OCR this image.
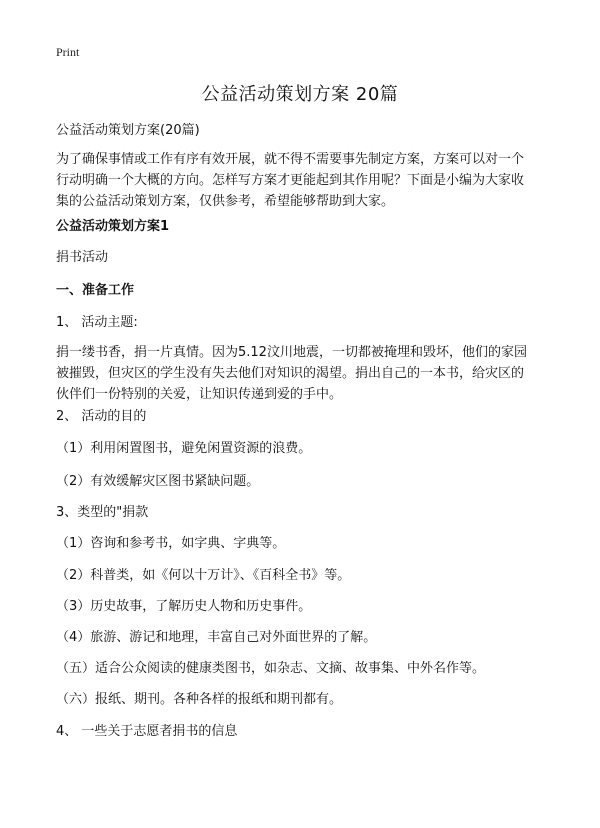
Print
公益活动策划方案 20篇
公益活动策划方案(20篇)
为了确保事情或工作有序有效开展，就不得不需要事先制定方案，方案可以对一个
行动明确一个大概的方向。怎样写方案才更能起到其作用呢？下面是小编为大家收
集的公益活动策划方案，仅供参考，希望能够帮助到大家。
公益活动策划方案1
捐书活动
一、准备工作
1、 活动主题:
捐一缕书香，捐一片真情。因为5.12汶川地震，一切都被掩埋和毁坏，他们的家园
被摧毁，但灾区的学生没有失去他们对知识的渴望。捐出自己的一本书，给灾区的
伙伴们一份特别的关爱，让知识传递到爱的手中。
2、 活动的目的
（1）利用闲置图书，避免闲置资源的浪费。
（2）有效缓解灾区图书紧缺问题。
3、类型的"捐款
（1）咨询和参考书，如字典、字典等。
（2）科普类，如《何以十万计》、《百科全书》等。
（3）历史故事，了解历史人物和历史事件。
（4）旅游、游记和地理，丰富自己对外面世界的了解。
（五）适合公众阅读的健康类图书，如杂志、文摘、故事集、中外名作等。
（六）报纸、期刊。各种各样的报纸和期刊都有。
4、 一些关于志愿者捐书的信息
